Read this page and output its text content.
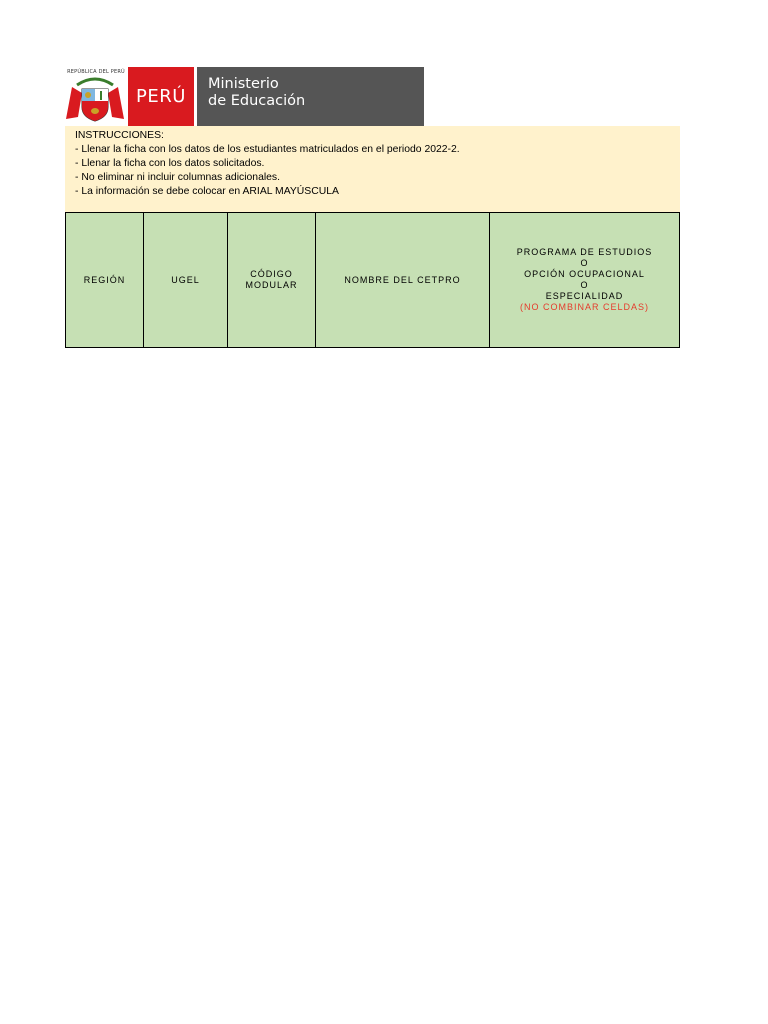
REPÚBLICA DEL PERÚ
PERÚ
Ministerio
de Educación
INSTRUCCIONES:
- Llenar la ficha con los datos de los estudiantes matriculados en el periodo 2022-2.
- Llenar la ficha con los datos solicitados.
- No eliminar ni incluir columnas adicionales.
- La información se debe colocar en ARIAL MAYÚSCULA
REGIÓN	UGEL
CÓDIGO
MODULAR
NOMBRE DEL CETPRO
PROGRAMA DE ESTUDIOS
O
OPCIÓN OCUPACIONAL
O
ESPECIALIDAD
(NO COMBINAR CELDAS)
